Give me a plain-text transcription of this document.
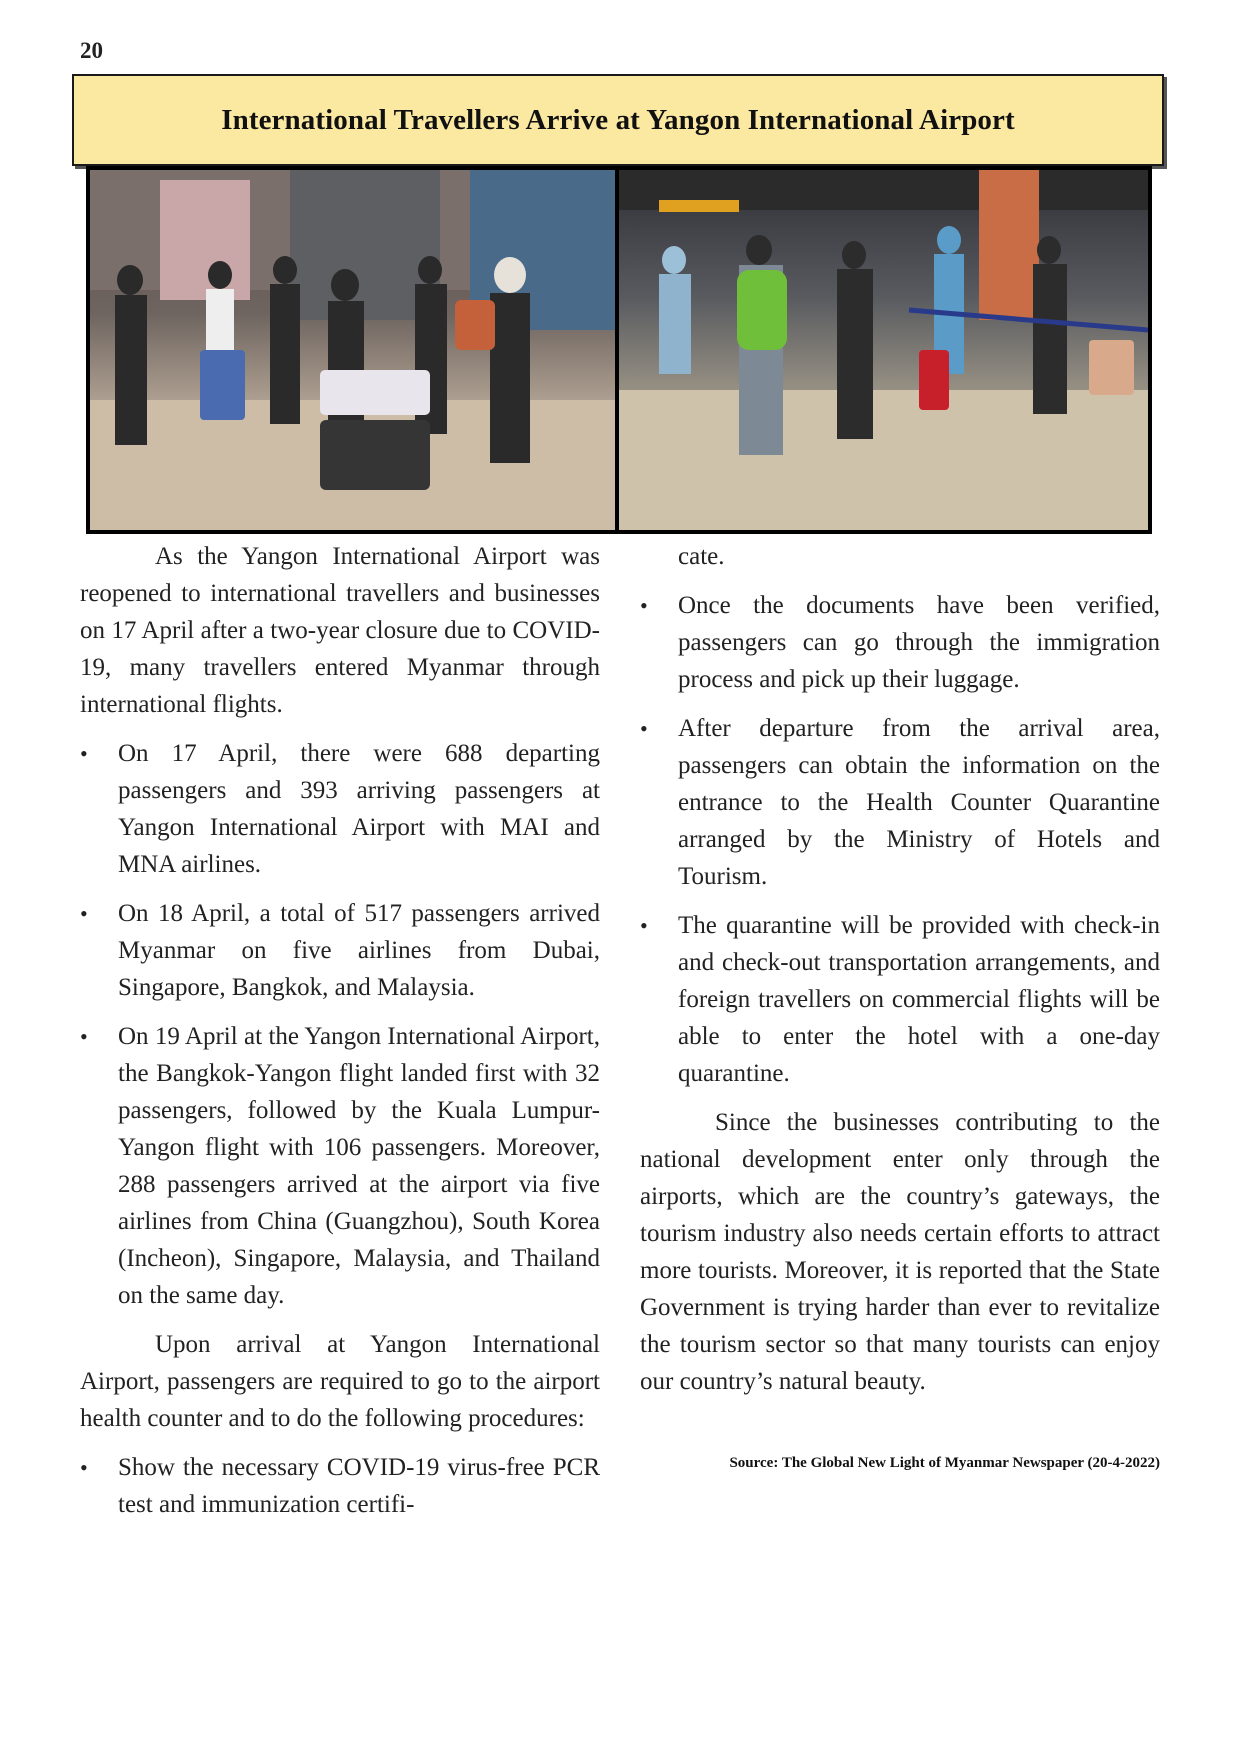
20
International Travellers Arrive at Yangon International Airport

As the Yangon International Airport was reopened to international travellers and businesses on 17 April after a two-year closure due to COVID-19, many travellers entered Myanmar through international flights.

• On 17 April, there were 688 departing passengers and 393 arriving passengers at Yangon International Airport with MAI and MNA airlines.
• On 18 April, a total of 517 passengers arrived Myanmar on five airlines from Dubai, Singapore, Bangkok, and Malaysia.
• On 19 April at the Yangon International Airport, the Bangkok-Yangon flight landed first with 32 passengers, followed by the Kuala Lumpur-Yangon flight with 106 passengers. Moreover, 288 passengers arrived at the airport via five airlines from China (Guangzhou), South Korea (Incheon), Singapore, Malaysia, and Thailand on the same day.

Upon arrival at Yangon International Airport, passengers are required to go to the airport health counter and to do the following procedures:

• Show the necessary COVID-19 virus-free PCR test and immunization certifi-

cate.

• Once the documents have been verified, passengers can go through the immigration process and pick up their luggage.
• After departure from the arrival area, passengers can obtain the information on the entrance to the Health Counter Quarantine arranged by the Ministry of Hotels and Tourism.
• The quarantine will be provided with check-in and check-out transportation arrangements, and foreign travellers on commercial flights will be able to enter the hotel with a one-day quarantine.

Since the businesses contributing to the national development enter only through the airports, which are the country’s gateways, the tourism industry also needs certain efforts to attract more tourists. Moreover, it is reported that the State Government is trying harder than ever to revitalize the tourism sector so that many tourists can enjoy our country’s natural beauty.

Source: The Global New Light of Myanmar Newspaper (20-4-2022)
